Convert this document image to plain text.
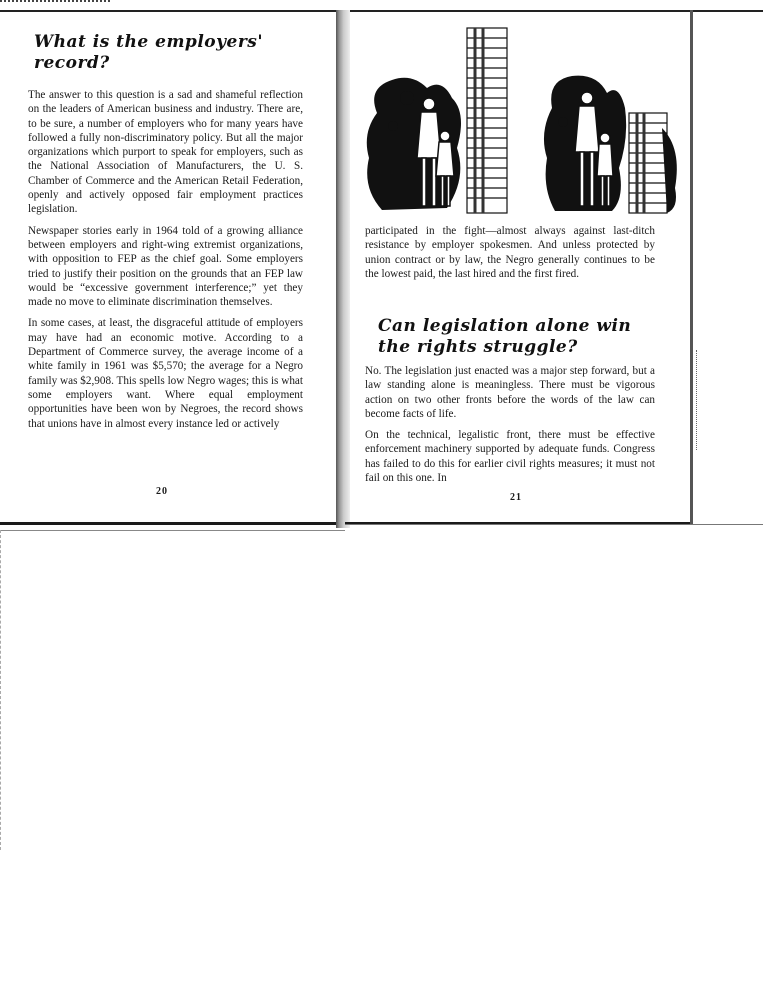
What is the employers' record?

The answer to this question is a sad and shameful reflection on the leaders of American business and industry. There are, to be sure, a number of employers who for many years have followed a fully non-discriminatory policy. But all the major organizations which purport to speak for employers, such as the National Association of Manufacturers, the U. S. Chamber of Commerce and the American Retail Federation, openly and actively opposed fair employment practices legislation.

Newspaper stories early in 1964 told of a growing alliance between employers and right-wing extremist organizations, with opposition to FEP as the chief goal. Some employers tried to justify their position on the grounds that an FEP law would be “excessive government interference;” yet they made no move to eliminate discrimination themselves.

In some cases, at least, the disgraceful attitude of employers may have had an economic motive. According to a Department of Commerce survey, the average income of a white family in 1961 was $5,570; the average for a Negro family was $2,908. This spells low Negro wages; this is what some employers want. Where equal employment opportunities have been won by Negroes, the record shows that unions have in almost every instance led or actively

20

participated in the fight—almost always against last-ditch resistance by employer spokesmen. And unless protected by union contract or by law, the Negro generally continues to be the lowest paid, the last hired and the first fired.

Can legislation alone win the rights struggle?

No. The legislation just enacted was a major step forward, but a law standing alone is meaningless. There must be vigorous action on two other fronts before the words of the law can become facts of life.

On the technical, legalistic front, there must be effective enforcement machinery supported by adequate funds. Congress has failed to do this for earlier civil rights measures; it must not fail on this one. In

21
